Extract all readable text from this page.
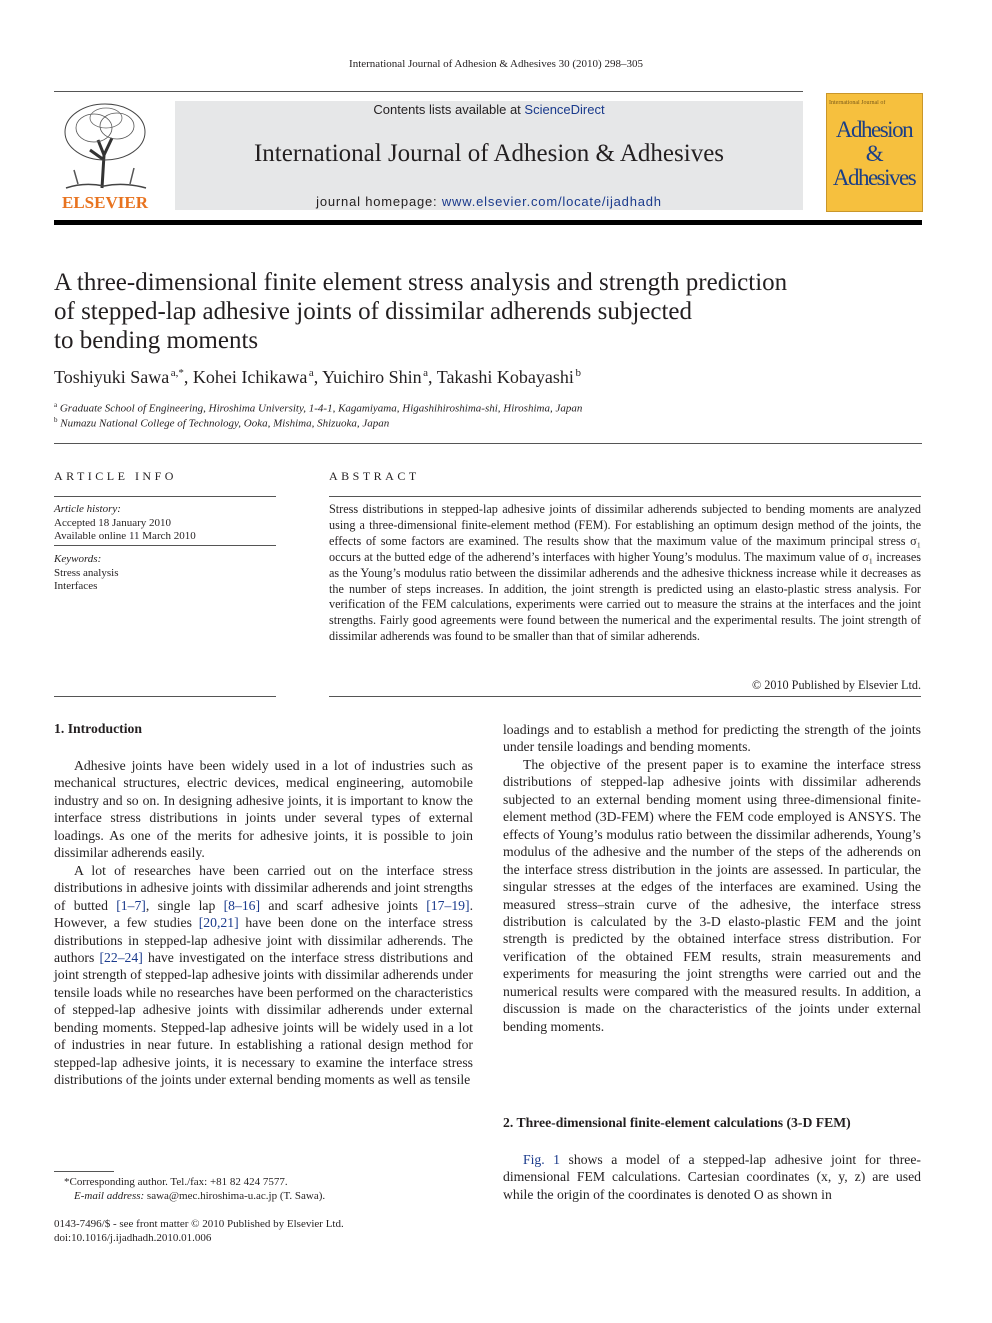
International Journal of Adhesion & Adhesives 30 (2010) 298–305
ELSEVIER
Contents lists available at ScienceDirect
International Journal of Adhesion & Adhesives
journal homepage: www.elsevier.com/locate/ijadhadh
International Journal of
Adhesion &
Adhesives
A three-dimensional finite element stress analysis and strength prediction
of stepped-lap adhesive joints of dissimilar adherends subjected
to bending moments
Toshiyuki Sawa  $^{a,*}$, Kohei Ichikawa  $^a$, Yuichiro Shin  $^a$, Takashi Kobayashi  $^b$
$^a$ Graduate School of Engineering, Hiroshima University, 1-4-1, Kagamiyama, Higashihiroshima-shi, Hiroshima, Japan
$^b$ Numazu National College of Technology, Ooka, Mishima, Shizuoka, Japan
ARTICLE INFO
Article history:
Accepted 18 January 2010
Available online 11 March 2010
Keywords:
Stress analysis
Interfaces
ABSTRACT
Stress distributions in stepped-lap adhesive joints of dissimilar adherends subjected to bending moments are analyzed using a three-dimensional finite-element method (FEM). For establishing an optimum design method of the joints, the effects of some factors are examined. The results show that the maximum value of the maximum principal stress σ₁ occurs at the butted edge of the adherend’s interfaces with higher Young’s modulus. The maximum value of σ₁ increases as the Young’s modulus ratio between the dissimilar adherends and the adhesive thickness increase while it decreases as the number of steps increases. In addition, the joint strength is predicted using an elasto-plastic stress analysis. For verification of the FEM calculations, experiments were carried out to measure the strains at the interfaces and the joint strengths. Fairly good agreements were found between the numerical and the experimental results. The joint strength of dissimilar adherends was found to be smaller than that of similar adherends.
© 2010 Published by Elsevier Ltd.
1. Introduction

Adhesive joints have been widely used in a lot of industries such as mechanical structures, electric devices, medical engineering, automobile industry and so on. In designing adhesive joints, it is important to know the interface stress distributions in joints under several types of external loadings. As one of the merits for adhesive joints, it is possible to join dissimilar adherends easily.

A lot of researches have been carried out on the interface stress distributions in adhesive joints with dissimilar adherends and joint strengths of butted [1–7], single lap [8–16] and scarf adhesive joints [17–19]. However, a few studies [20,21] have been done on the interface stress distributions in stepped-lap adhesive joint with dissimilar adherends. The authors [22–24] have investigated on the interface stress distributions and joint strength of stepped-lap adhesive joints with dissimilar adherends under tensile loads while no researches have been performed on the characteristics of stepped-lap adhesive joints with dissimilar adherends under external bending moments. Stepped-lap adhesive joints will be widely used in a lot of industries in near future. In establishing a rational design method for stepped-lap adhesive joints, it is necessary to examine the interface stress distributions of the joints under external bending moments as well as tensile

loadings and to establish a method for predicting the strength of the joints under tensile loadings and bending moments.

The objective of the present paper is to examine the interface stress distributions of stepped-lap adhesive joints with dissimilar adherends subjected to an external bending moment using three-dimensional finite-element method (3D-FEM) where the FEM code employed is ANSYS. The effects of Young’s modulus ratio between the dissimilar adherends, Young’s modulus of the adhesive and the number of the steps of the adherends on the interface stress distribution in the joints are assessed. In particular, the singular stresses at the edges of the interfaces are examined. Using the measured stress–strain curve of the adhesive, the interface stress distribution is calculated by the 3-D elasto-plastic FEM and the joint strength is predicted by the obtained interface stress distribution. For verification of the obtained FEM results, strain measurements and experiments for measuring the joint strengths were carried out and the numerical results were compared with the measured results. In addition, a discussion is made on the characteristics of the joints under external bending moments.

2. Three-dimensional finite-element calculations (3-D FEM)

Fig. 1 shows a model of a stepped-lap adhesive joint for three-dimensional FEM calculations. Cartesian coordinates (x, y, z) are used while the origin of the coordinates is denoted O as shown in

*Corresponding author. Tel./fax: +81 82 424 7577.
E-mail address: sawa@mec.hiroshima-u.ac.jp (T. Sawa).
0143-7496/$ - see front matter © 2010 Published by Elsevier Ltd.
doi:10.1016/j.ijadhadh.2010.01.006
